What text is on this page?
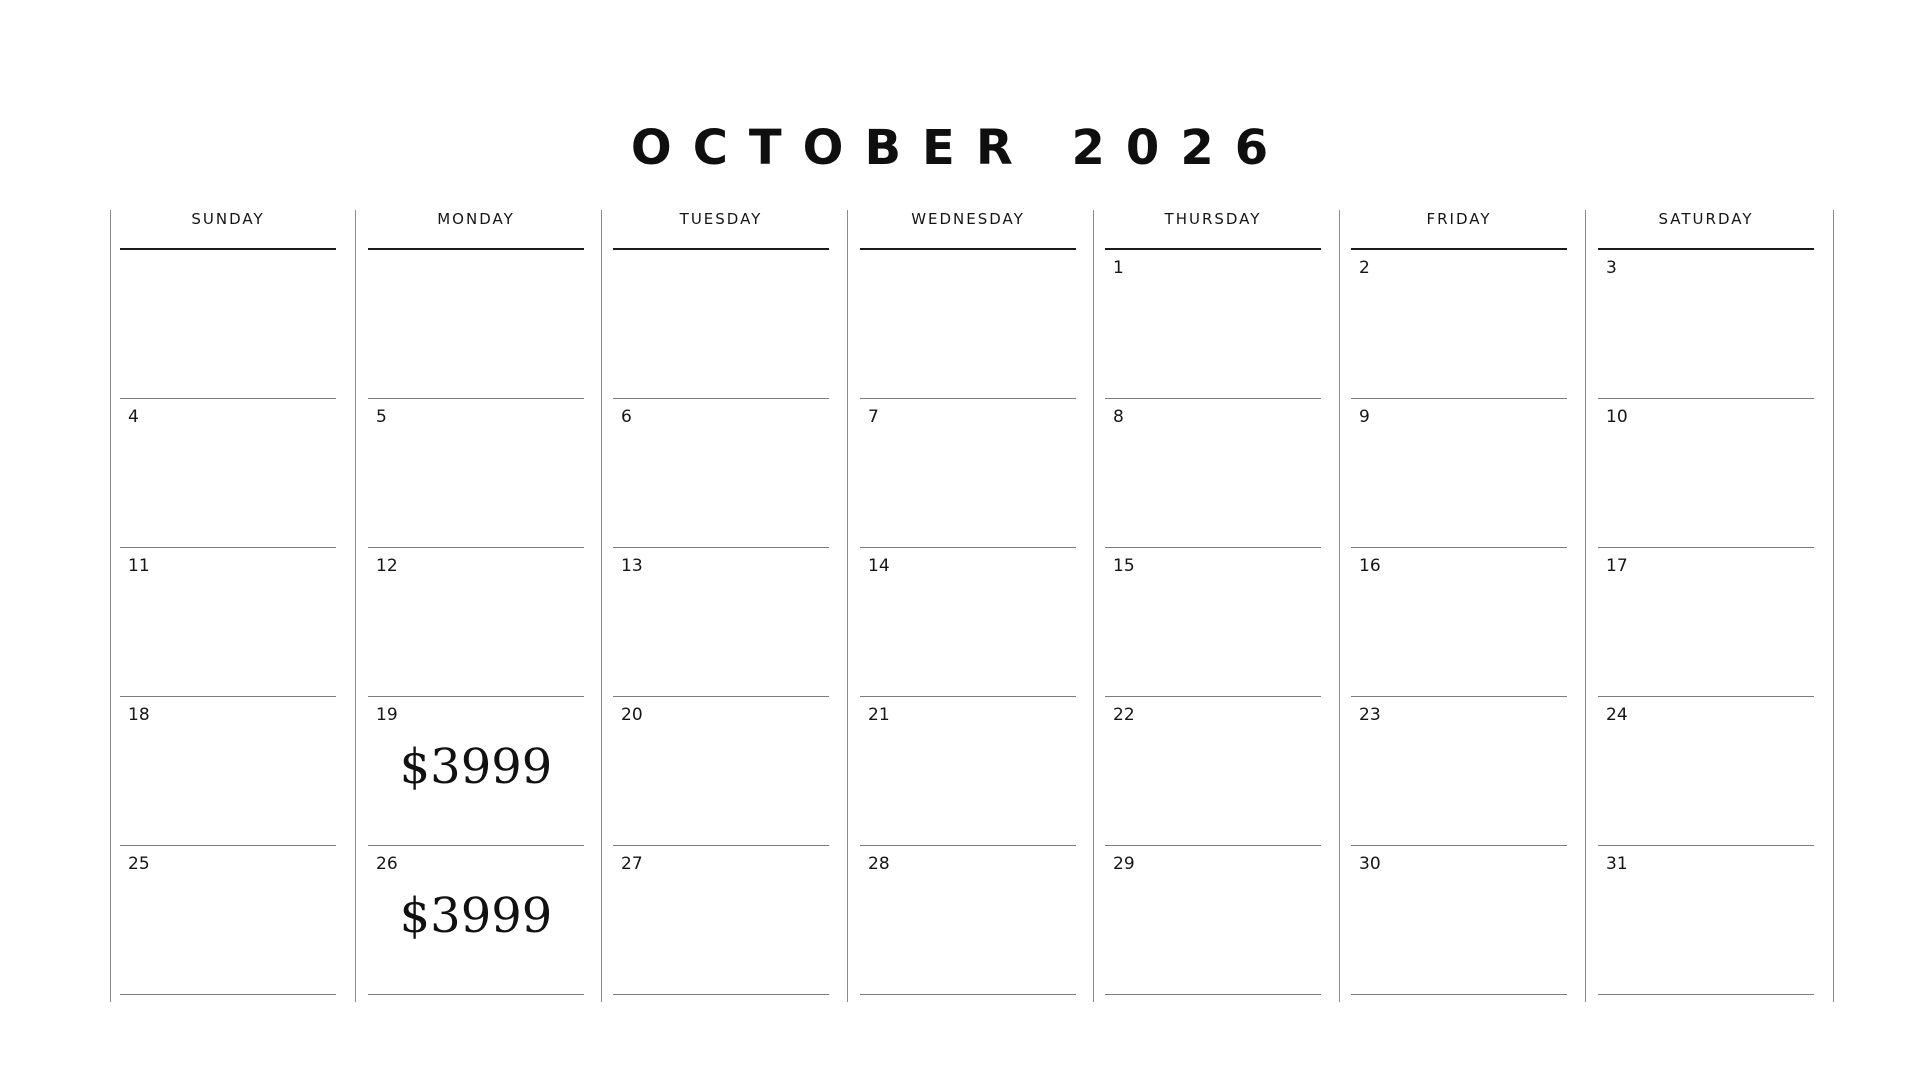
OCTOBER 2026
SUNDAY
4
11
18
25
MONDAY
5
12
19
$3999
26
$3999
TUESDAY
6
13
20
27
WEDNESDAY
7
14
21
28
THURSDAY
1
8
15
22
29
FRIDAY
2
9
16
23
30
SATURDAY
3
10
17
24
31
